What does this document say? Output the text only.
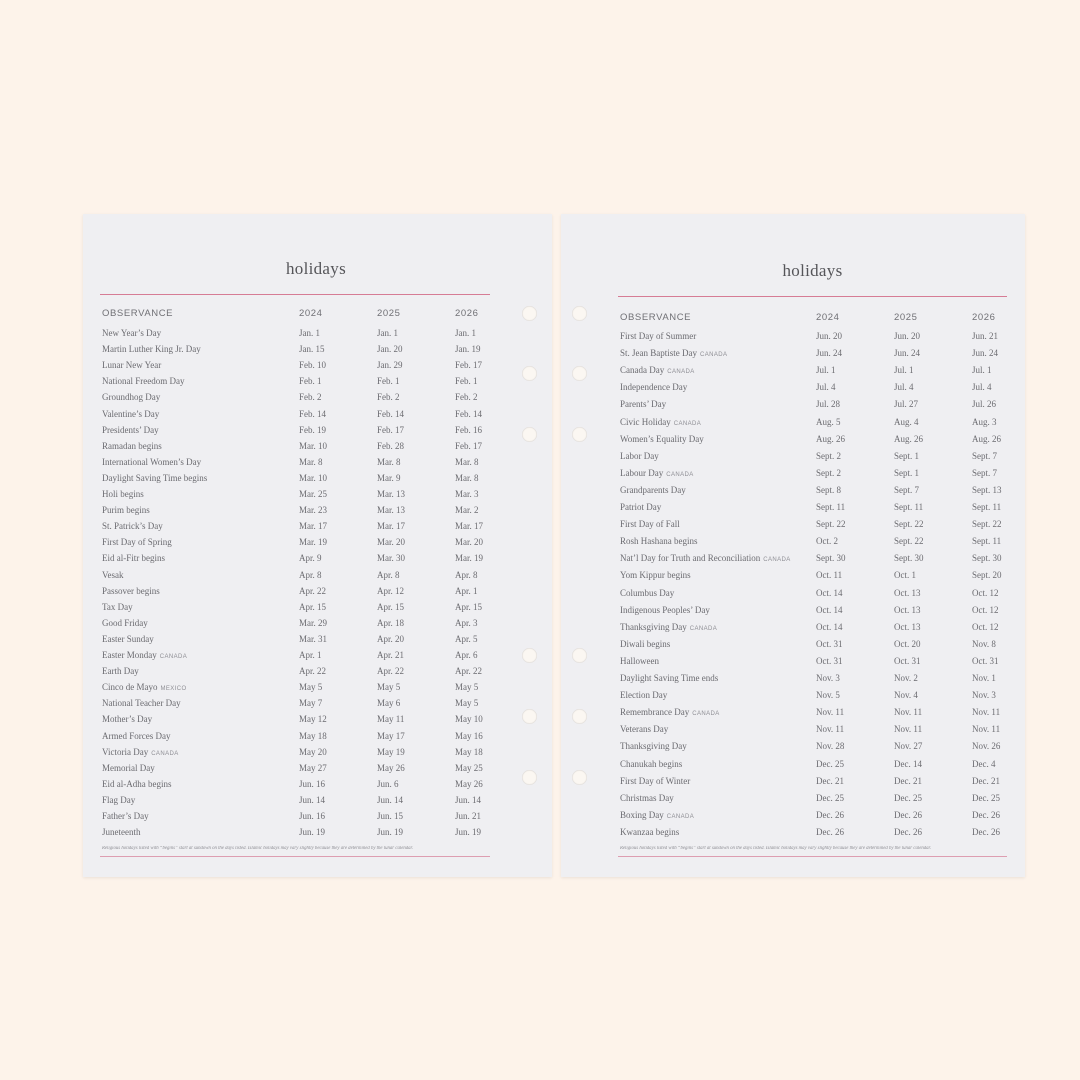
holidays
OBSERVANCE	2024	2025	2026
New Year’s Day	Jan. 1	Jan. 1	Jan. 1
Martin Luther King Jr. Day	Jan. 15	Jan. 20	Jan. 19
Lunar New Year	Feb. 10	Jan. 29	Feb. 17
National Freedom Day	Feb. 1	Feb. 1	Feb. 1
Groundhog Day	Feb. 2	Feb. 2	Feb. 2
Valentine’s Day	Feb. 14	Feb. 14	Feb. 14
Presidents’ Day	Feb. 19	Feb. 17	Feb. 16
Ramadan begins	Mar. 10	Feb. 28	Feb. 17
International Women’s Day	Mar. 8	Mar. 8	Mar. 8
Daylight Saving Time begins	Mar. 10	Mar. 9	Mar. 8
Holi begins	Mar. 25	Mar. 13	Mar. 3
Purim begins	Mar. 23	Mar. 13	Mar. 2
St. Patrick’s Day	Mar. 17	Mar. 17	Mar. 17
First Day of Spring	Mar. 19	Mar. 20	Mar. 20
Eid al-Fitr begins	Apr. 9	Mar. 30	Mar. 19
Vesak	Apr. 8	Apr. 8	Apr. 8
Passover begins	Apr. 22	Apr. 12	Apr. 1
Tax Day	Apr. 15	Apr. 15	Apr. 15
Good Friday	Mar. 29	Apr. 18	Apr. 3
Easter Sunday	Mar. 31	Apr. 20	Apr. 5
Easter Monday CANADA	Apr. 1	Apr. 21	Apr. 6
Earth Day	Apr. 22	Apr. 22	Apr. 22
Cinco de Mayo MEXICO	May 5	May 5	May 5
National Teacher Day	May 7	May 6	May 5
Mother’s Day	May 12	May 11	May 10
Armed Forces Day	May 18	May 17	May 16
Victoria Day CANADA	May 20	May 19	May 18
Memorial Day	May 27	May 26	May 25
Eid al-Adha begins	Jun. 16	Jun. 6	May 26
Flag Day	Jun. 14	Jun. 14	Jun. 14
Father’s Day	Jun. 16	Jun. 15	Jun. 21
Juneteenth	Jun. 19	Jun. 19	Jun. 19
Religious holidays listed with “begins” start at sundown on the days listed. Islamic holidays may vary slightly because they are determined by the lunar calendar.
holidays
OBSERVANCE	2024	2025	2026
First Day of Summer	Jun. 20	Jun. 20	Jun. 21
St. Jean Baptiste Day CANADA	Jun. 24	Jun. 24	Jun. 24
Canada Day CANADA	Jul. 1	Jul. 1	Jul. 1
Independence Day	Jul. 4	Jul. 4	Jul. 4
Parents’ Day	Jul. 28	Jul. 27	Jul. 26
Civic Holiday CANADA	Aug. 5	Aug. 4	Aug. 3
Women’s Equality Day	Aug. 26	Aug. 26	Aug. 26
Labor Day	Sept. 2	Sept. 1	Sept. 7
Labour Day CANADA	Sept. 2	Sept. 1	Sept. 7
Grandparents Day	Sept. 8	Sept. 7	Sept. 13
Patriot Day	Sept. 11	Sept. 11	Sept. 11
First Day of Fall	Sept. 22	Sept. 22	Sept. 22
Rosh Hashana begins	Oct. 2	Sept. 22	Sept. 11
Nat’l Day for Truth and Reconciliation CANADA	Sept. 30	Sept. 30	Sept. 30
Yom Kippur begins	Oct. 11	Oct. 1	Sept. 20
Columbus Day	Oct. 14	Oct. 13	Oct. 12
Indigenous Peoples’ Day	Oct. 14	Oct. 13	Oct. 12
Thanksgiving Day CANADA	Oct. 14	Oct. 13	Oct. 12
Diwali begins	Oct. 31	Oct. 20	Nov. 8
Halloween	Oct. 31	Oct. 31	Oct. 31
Daylight Saving Time ends	Nov. 3	Nov. 2	Nov. 1
Election Day	Nov. 5	Nov. 4	Nov. 3
Remembrance Day CANADA	Nov. 11	Nov. 11	Nov. 11
Veterans Day	Nov. 11	Nov. 11	Nov. 11
Thanksgiving Day	Nov. 28	Nov. 27	Nov. 26
Chanukah begins	Dec. 25	Dec. 14	Dec. 4
First Day of Winter	Dec. 21	Dec. 21	Dec. 21
Christmas Day	Dec. 25	Dec. 25	Dec. 25
Boxing Day CANADA	Dec. 26	Dec. 26	Dec. 26
Kwanzaa begins	Dec. 26	Dec. 26	Dec. 26
Religious holidays listed with “begins” start at sundown on the days listed. Islamic holidays may vary slightly because they are determined by the lunar calendar.
